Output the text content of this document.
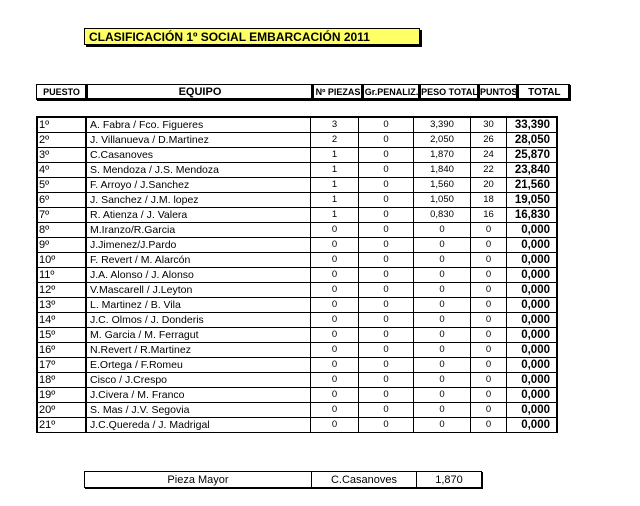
CLASIFICACIÓN 1º SOCIAL EMBARCACIÓN 2011
PUESTO	EQUIPO	Nº PIEZAS	Gr.PENALIZ.	PESO TOTAL	PUNTOS	TOTAL
1º	A. Fabra / Fco. Figueres	3	0	3,390	30	33,390
2º	J. Villanueva / D.Martinez	2	0	2,050	26	28,050
3º	C.Casanoves	1	0	1,870	24	25,870
4º	S. Mendoza / J.S. Mendoza	1	0	1,840	22	23,840
5º	F. Arroyo / J.Sanchez	1	0	1,560	20	21,560
6º	J. Sanchez / J.M. lopez	1	0	1,050	18	19,050
7º	R. Atienza / J. Valera	1	0	0,830	16	16,830
8º	M.Iranzo/R.Garcia	0	0	0	0	0,000
9º	J.Jimenez/J.Pardo	0	0	0	0	0,000
10º	F. Revert / M. Alarcón	0	0	0	0	0,000
11º	J.A. Alonso / J. Alonso	0	0	0	0	0,000
12º	V.Mascarell / J.Leyton	0	0	0	0	0,000
13º	L. Martinez / B. Vila	0	0	0	0	0,000
14º	J.C. Olmos / J. Donderis	0	0	0	0	0,000
15º	M. Garcia / M. Ferragut	0	0	0	0	0,000
16º	N.Revert / R.Martinez	0	0	0	0	0,000
17º	E.Ortega / F.Romeu	0	0	0	0	0,000
18º	Cisco / J.Crespo	0	0	0	0	0,000
19º	J.Civera / M. Franco	0	0	0	0	0,000
20º	S. Mas / J.V. Segovia	0	0	0	0	0,000
21º	J.C.Quereda / J. Madrigal	0	0	0	0	0,000
Pieza Mayor	C.Casanoves	1,870
